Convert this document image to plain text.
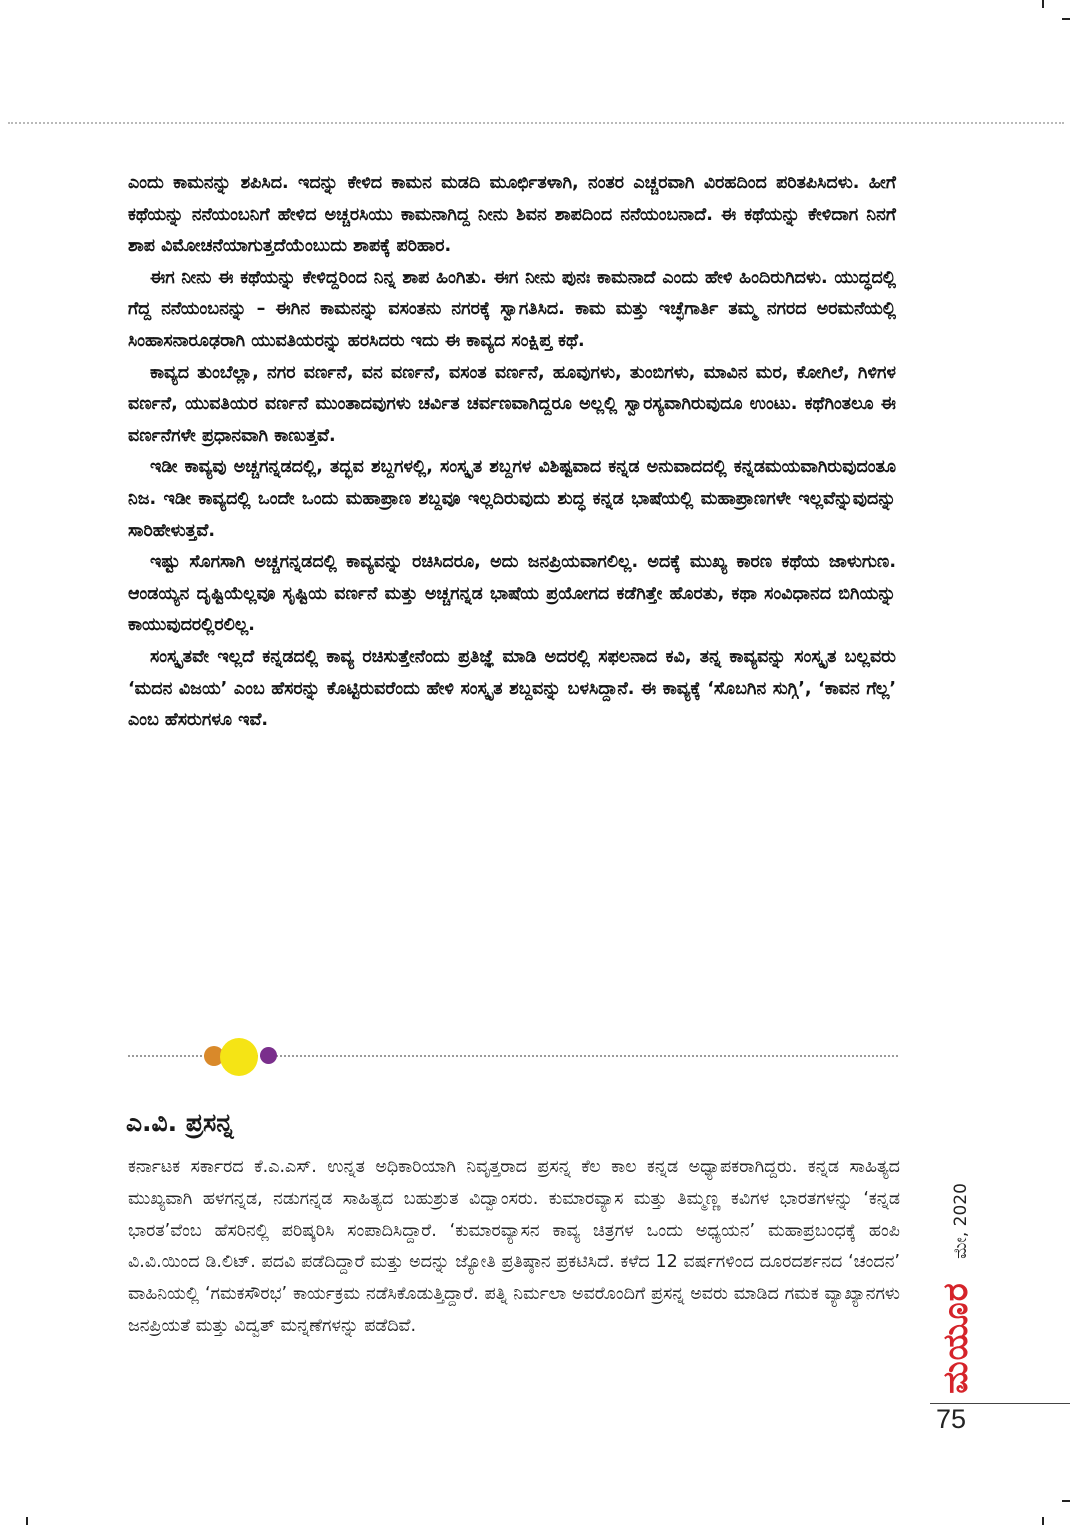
ಎಂದು ಕಾಮನನ್ನು ಶಪಿಸಿದ. ಇದನ್ನು ಕೇಳಿದ ಕಾಮನ ಮಡದಿ ಮೂರ್ಛಿತಳಾಗಿ, ನಂತರ ಎಚ್ಚರವಾಗಿ ವಿರಹದಿಂದ ಪರಿತಪಿಸಿದಳು. ಹೀಗೆ ಕಥೆಯನ್ನು ನನೆಯಂಬನಿಗೆ ಹೇಳಿದ ಅಚ್ಚರಸಿಯು ಕಾಮನಾಗಿದ್ದ ನೀನು ಶಿವನ ಶಾಪದಿಂದ ನನೆಯಂಬನಾದೆ. ಈ ಕಥೆಯನ್ನು ಕೇಳಿದಾಗ ನಿನಗೆ ಶಾಪ ವಿಮೋಚನೆಯಾಗುತ್ತದೆಯೆಂಬುದು ಶಾಪಕ್ಕೆ ಪರಿಹಾರ.

ಈಗ ನೀನು ಈ ಕಥೆಯನ್ನು ಕೇಳಿದ್ದರಿಂದ ನಿನ್ನ ಶಾಪ ಹಿಂಗಿತು. ಈಗ ನೀನು ಪುನಃ ಕಾಮನಾದೆ ಎಂದು ಹೇಳಿ ಹಿಂದಿರುಗಿದಳು. ಯುದ್ಧದಲ್ಲಿ ಗೆದ್ದ ನನೆಯಂಬನನ್ನು – ಈಗಿನ ಕಾಮನನ್ನು ವಸಂತನು ನಗರಕ್ಕೆ ಸ್ವಾಗತಿಸಿದ. ಕಾಮ ಮತ್ತು ಇಚ್ಛೆಗಾರ್ತಿ ತಮ್ಮ ನಗರದ ಅರಮನೆಯಲ್ಲಿ ಸಿಂಹಾಸನಾರೂಢರಾಗಿ ಯುವತಿಯರನ್ನು ಹರಸಿದರು ಇದು ಈ ಕಾವ್ಯದ ಸಂಕ್ಷಿಪ್ತ ಕಥೆ.

ಕಾವ್ಯದ ತುಂಬೆಲ್ಲಾ, ನಗರ ವರ್ಣನೆ, ವನ ವರ್ಣನೆ, ವಸಂತ ವರ್ಣನೆ, ಹೂವುಗಳು, ತುಂಬಿಗಳು, ಮಾವಿನ ಮರ, ಕೋಗಿಲೆ, ಗಿಳಿಗಳ ವರ್ಣನೆ, ಯುವತಿಯರ ವರ್ಣನೆ ಮುಂತಾದವುಗಳು ಚರ್ವಿತ ಚರ್ವಣವಾಗಿದ್ದರೂ ಅಲ್ಲಲ್ಲಿ ಸ್ವಾರಸ್ಯವಾಗಿರುವುದೂ ಉಂಟು. ಕಥೆಗಿಂತಲೂ ಈ ವರ್ಣನೆಗಳೇ ಪ್ರಧಾನವಾಗಿ ಕಾಣುತ್ತವೆ.

ಇಡೀ ಕಾವ್ಯವು ಅಚ್ಚಗನ್ನಡದಲ್ಲಿ, ತದ್ಭವ ಶಬ್ದಗಳಲ್ಲಿ, ಸಂಸ್ಕೃತ ಶಬ್ದಗಳ ವಿಶಿಷ್ಟವಾದ ಕನ್ನಡ ಅನುವಾದದಲ್ಲಿ ಕನ್ನಡಮಯವಾಗಿರುವುದಂತೂ ನಿಜ. ಇಡೀ ಕಾವ್ಯದಲ್ಲಿ ಒಂದೇ ಒಂದು ಮಹಾಪ್ರಾಣ ಶಬ್ದವೂ ಇಲ್ಲದಿರುವುದು ಶುದ್ಧ ಕನ್ನಡ ಭಾಷೆಯಲ್ಲಿ ಮಹಾಪ್ರಾಣಗಳೇ ಇಲ್ಲವೆನ್ನುವುದನ್ನು ಸಾರಿಹೇಳುತ್ತವೆ.

ಇಷ್ಟು ಸೊಗಸಾಗಿ ಅಚ್ಚಗನ್ನಡದಲ್ಲಿ ಕಾವ್ಯವನ್ನು ರಚಿಸಿದರೂ, ಅದು ಜನಪ್ರಿಯವಾಗಲಿಲ್ಲ. ಅದಕ್ಕೆ ಮುಖ್ಯ ಕಾರಣ ಕಥೆಯ ಜಾಳುಗುಣ. ಆಂಡಯ್ಯನ ದೃಷ್ಟಿಯೆಲ್ಲವೂ ಸೃಷ್ಟಿಯ ವರ್ಣನೆ ಮತ್ತು ಅಚ್ಚಗನ್ನಡ ಭಾಷೆಯ ಪ್ರಯೋಗದ ಕಡೆಗಿತ್ತೇ ಹೊರತು, ಕಥಾ ಸಂವಿಧಾನದ ಬಿಗಿಯನ್ನು ಕಾಯುವುದರಲ್ಲಿರಲಿಲ್ಲ.

ಸಂಸ್ಕೃತವೇ ಇಲ್ಲದೆ ಕನ್ನಡದಲ್ಲಿ ಕಾವ್ಯ ರಚಿಸುತ್ತೇನೆಂದು ಪ್ರತಿಜ್ಞೆ ಮಾಡಿ ಅದರಲ್ಲಿ ಸಫಲನಾದ ಕವಿ, ತನ್ನ ಕಾವ್ಯವನ್ನು ಸಂಸ್ಕೃತ ಬಲ್ಲವರು ‘ಮದನ ವಿಜಯ’ ಎಂಬ ಹೆಸರನ್ನು ಕೊಟ್ಟಿರುವರೆಂದು ಹೇಳಿ ಸಂಸ್ಕೃತ ಶಬ್ದವನ್ನು ಬಳಸಿದ್ದಾನೆ. ಈ ಕಾವ್ಯಕ್ಕೆ ‘ಸೊಬಗಿನ ಸುಗ್ಗಿ’, ‘ಕಾವನ ಗೆಲ್ಲ’ ಎಂಬ ಹೆಸರುಗಳೂ ಇವೆ.

ಎ.ವಿ. ಪ್ರಸನ್ನ

ಕರ್ನಾಟಕ ಸರ್ಕಾರದ ಕೆ.ಎ.ಎಸ್. ಉನ್ನತ ಅಧಿಕಾರಿಯಾಗಿ ನಿವೃತ್ತರಾದ ಪ್ರಸನ್ನ ಕೆಲ ಕಾಲ ಕನ್ನಡ ಅಧ್ಯಾಪಕರಾಗಿದ್ದರು. ಕನ್ನಡ ಸಾಹಿತ್ಯದ ಮುಖ್ಯವಾಗಿ ಹಳಗನ್ನಡ, ನಡುಗನ್ನಡ ಸಾಹಿತ್ಯದ ಬಹುಶ್ರುತ ವಿದ್ವಾಂಸರು. ಕುಮಾರವ್ಯಾಸ ಮತ್ತು ತಿಮ್ಮಣ್ಣ ಕವಿಗಳ ಭಾರತಗಳನ್ನು ‘ಕನ್ನಡ ಭಾರತ’ವೆಂಬ ಹೆಸರಿನಲ್ಲಿ ಪರಿಷ್ಕರಿಸಿ ಸಂಪಾದಿಸಿದ್ದಾರೆ. ‘ಕುಮಾರವ್ಯಾಸನ ಕಾವ್ಯ ಚಿತ್ರಗಳ ಒಂದು ಅಧ್ಯಯನ’ ಮಹಾಪ್ರಬಂಧಕ್ಕೆ ಹಂಪಿ ವಿ.ವಿ.ಯಿಂದ ಡಿ.ಲಿಟ್. ಪದವಿ ಪಡೆದಿದ್ದಾರೆ ಮತ್ತು ಅದನ್ನು ಜ್ಯೋತಿ ಪ್ರತಿಷ್ಠಾನ ಪ್ರಕಟಿಸಿದೆ. ಕಳೆದ 12 ವರ್ಷಗಳಿಂದ ದೂರದರ್ಶನದ ‘ಚಂದನ’ ವಾಹಿನಿಯಲ್ಲಿ ‘ಗಮಕಸೌರಭ’ ಕಾರ್ಯಕ್ರಮ ನಡೆಸಿಕೊಡುತ್ತಿದ್ದಾರೆ. ಪತ್ನಿ ನಿರ್ಮಲಾ ಅವರೊಂದಿಗೆ ಪ್ರಸನ್ನ ಅವರು ಮಾಡಿದ ಗಮಕ ವ್ಯಾಖ್ಯಾನಗಳು ಜನಪ್ರಿಯತೆ ಮತ್ತು ವಿದ್ವತ್ ಮನ್ನಣೆಗಳನ್ನು ಪಡೆದಿವೆ.

ಮೇ, 2020
ಮಯೂರ
75
